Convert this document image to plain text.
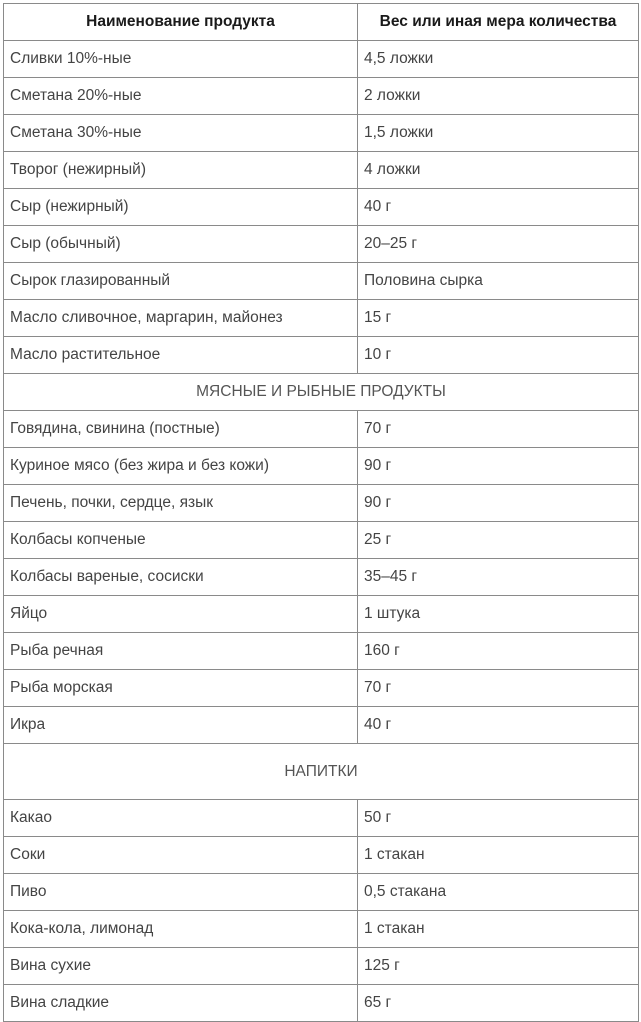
Наименование продукта	Вес или иная мера количества
Сливки 10%-ные	4,5 ложки
Сметана 20%-ные	2 ложки
Сметана 30%-ные	1,5 ложки
Творог (нежирный)	4 ложки
Сыр (нежирный)	40 г
Сыр (обычный)	20–25 г
Сырок глазированный	Половина сырка
Масло сливочное, маргарин, майонез	15 г
Масло растительное	10 г
МЯСНЫЕ И РЫБНЫЕ ПРОДУКТЫ	
Говядина, свинина (постные)	70 г
Куриное мясо (без жира и без кожи)	90 г
Печень, почки, сердце, язык	90 г
Колбасы копченые	25 г
Колбасы вареные, сосиски	35–45 г
Яйцо	1 штука
Рыба речная	160 г
Рыба морская	70 г
Икра	40 г
НАПИТКИ	
Какао	50 г
Соки	1 стакан
Пиво	0,5 стакана
Кока-кола, лимонад	1 стакан
Вина сухие	125 г
Вина сладкие	65 г
